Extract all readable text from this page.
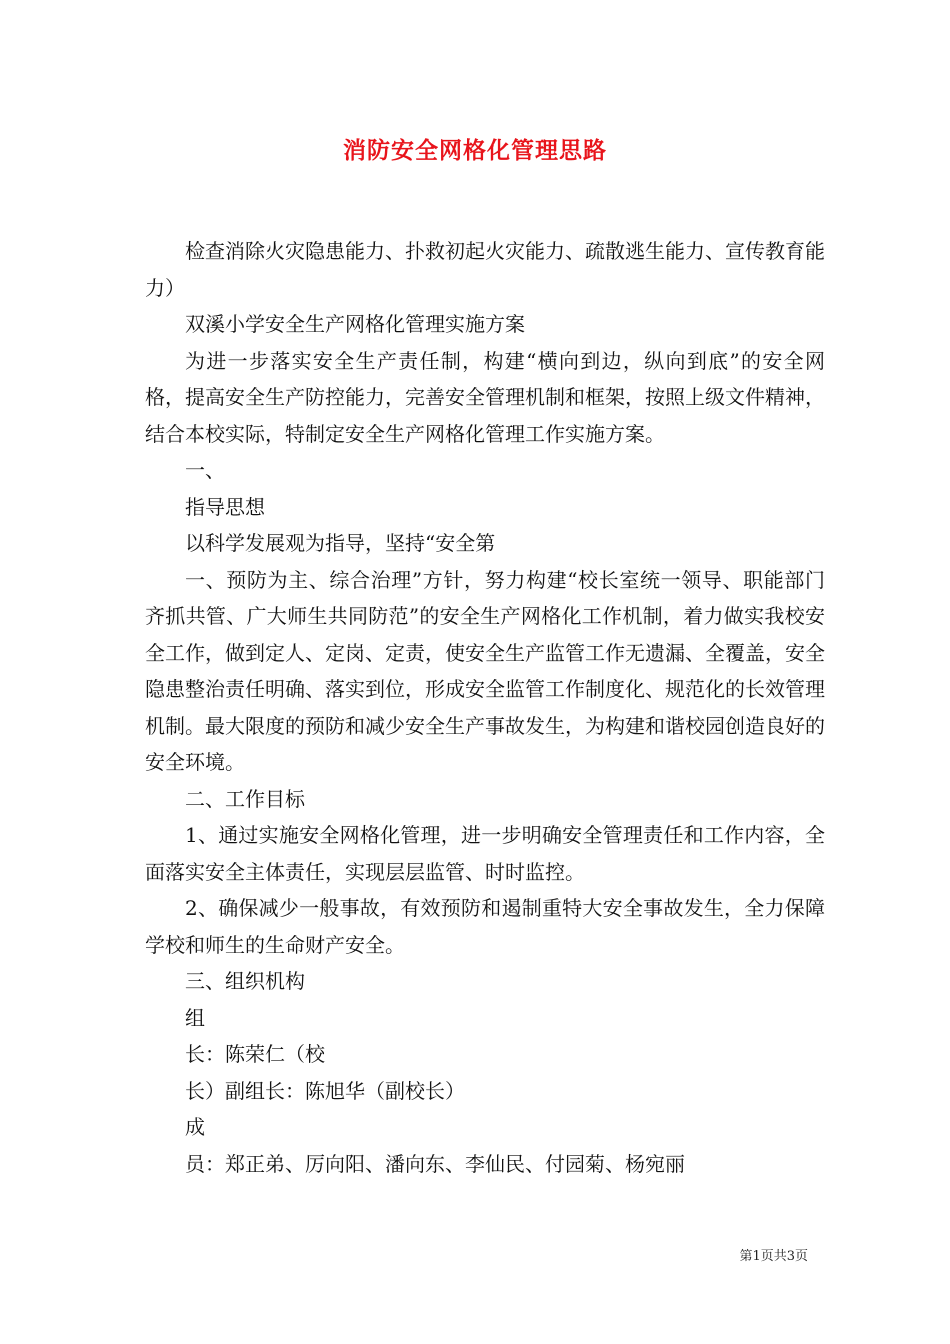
消防安全网格化管理思路

检查消除火灾隐患能力、扑救初起火灾能力、疏散逃生能力、宣传教育能力）

双溪小学安全生产网格化管理实施方案

为进一步落实安全生产责任制，构建“横向到边，纵向到底”的安全网格，提高安全生产防控能力，完善安全管理机制和框架，按照上级文件精神，结合本校实际，特制定安全生产网格化管理工作实施方案。

一、

指导思想

以科学发展观为指导，坚持“安全第

一、预防为主、综合治理”方针，努力构建“校长室统一领导、职能部门齐抓共管、广大师生共同防范”的安全生产网格化工作机制，着力做实我校安全工作，做到定人、定岗、定责，使安全生产监管工作无遗漏、全覆盖，安全隐患整治责任明确、落实到位，形成安全监管工作制度化、规范化的长效管理机制。最大限度的预防和减少安全生产事故发生，为构建和谐校园创造良好的安全环境。

二、工作目标

1、通过实施安全网格化管理，进一步明确安全管理责任和工作内容，全面落实安全主体责任，实现层层监管、时时监控。

2、确保减少一般事故，有效预防和遏制重特大安全事故发生，全力保障学校和师生的生命财产安全。

三、组织机构

组

长：陈荣仁（校

长）副组长：陈旭华（副校长）

成

员：郑正弟、厉向阳、潘向东、李仙民、付园菊、杨宛丽

第1页共3页
